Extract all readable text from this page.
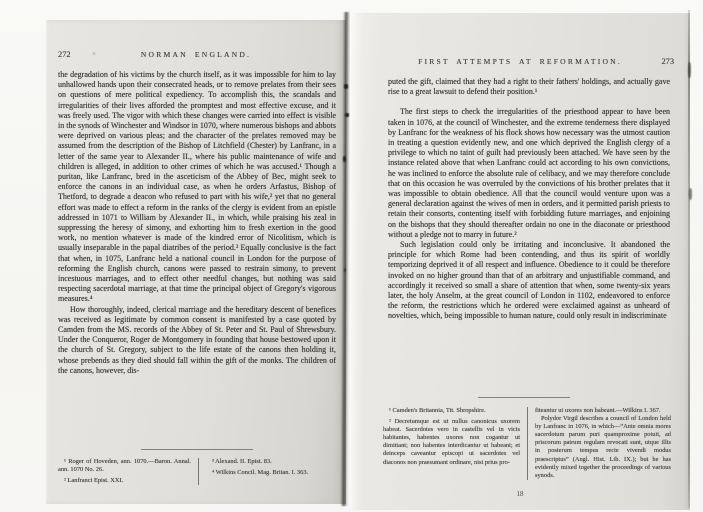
272	NORMAN ENGLAND.

the degradation of his victims by the church itself, as it was impossible for him to lay unhallowed hands upon their consecrated heads, or to remove prelates from their sees on questions of mere political expediency. To accomplish this, the scandals and irregularities of their lives afforded the promptest and most effective excuse, and it was freely used. The vigor with which these changes were carried into effect is visible in the synods of Winchester and Windsor in 1070, where numerous bishops and abbots were deprived on various pleas; and the character of the prelates removed may be assumed from the description of the Bishop of Litchfield (Chester) by Lanfranc, in a letter of the same year to Alexander II., where his public maintenance of wife and children is alleged, in addition to other crimes of which he was accused.¹ Though a puritan, like Lanfranc, bred in the asceticism of the Abbey of Bec, might seek to enforce the canons in an individual case, as when he orders Arfastus, Bishop of Thetford, to degrade a deacon who refused to part with his wife,² yet that no general effort was made to effect a reform in the ranks of the clergy is evident from an epistle addressed in 1071 to William by Alexander II., in which, while praising his zeal in suppressing the heresy of simony, and exhorting him to fresh exertion in the good work, no mention whatever is made of the kindred error of Nicolitism, which is usually inseparable in the papal diatribes of the period.³ Equally conclusive is the fact that when, in 1075, Lanfranc held a national council in London for the purpose of reforming the English church, canons were passed to restrain simony, to prevent incestuous marriages, and to effect other needful changes, but nothing was said respecting sacerdotal marriage, at that time the principal object of Gregory's vigorous measures.⁴

How thoroughly, indeed, clerical marriage and the hereditary descent of benefices was received as legitimate by common consent is manifested by a case quoted by Camden from the MS. records of the Abbey of St. Peter and St. Paul of Shrewsbury. Under the Conqueror, Roger de Montgomery in founding that house bestowed upon it the church of St. Gregory, subject to the life estate of the canons then holding it, whose prebends as they died should fall within the gift of the monks. The children of the canons, however, dis-

¹ Roger of Hoveden, ann. 1070.—Baron. Annal. ann. 1070 No. 26.

² Lanfranci Epist. XXI.

³ Alexand. II. Epist. 83.

⁴ Wilkins Concil. Mag. Britan. I. 363.

FIRST ATTEMPTS AT REFORMATION.	273

puted the gift, claimed that they had a right to their fathers' holdings, and actually gave rise to a great lawsuit to defend their position.¹

The first steps to check the irregularities of the priesthood appear to have been taken in 1076, at the council of Winchester, and the extreme tenderness there displayed by Lanfranc for the weakness of his flock shows how necessary was the utmost caution in treating a question evidently new, and one which deprived the English clergy of a privilege to which no taint of guilt had previously been attached. We have seen by the instance related above that when Lanfranc could act according to his own convictions, he was inclined to enforce the absolute rule of celibacy, and we may therefore conclude that on this occasion he was overruled by the convictions of his brother prelates that it was impossible to obtain obedience. All that the council would venture upon was a general declaration against the wives of men in orders, and it permitted parish priests to retain their consorts, contenting itself with forbidding future marriages, and enjoining on the bishops that they should thereafter ordain no one in the diaconate or priesthood without a pledge not to marry in future.²

Such legislation could only be irritating and inconclusive. It abandoned the principle for which Rome had been contending, and thus its spirit of worldly temporizing deprived it of all respect and influence. Obedience to it could be therefore invoked on no higher ground than that of an arbitrary and unjustifiable command, and accordingly it received so small a share of attention that when, some twenty-six years later, the holy Anselm, at the great council of London in 1102, endeavored to enforce the reform, the restrictions which he ordered were exclaimed against as unheard of novelties, which, being impossible to human nature, could only result in indiscriminate

¹ Camden's Britannia, Tit. Shropshire.

² Decretumque est ut nullus canonicus uxorem habeat. Sacerdotes vero in castellis vel in vicis habitantes, habentes uxores non cogantur ut dimittant; non habentes interdicantur ut habeant; et deinceps caveantur episcopi ut sacerdotes vel diaconos non praesumant ordinare, nisi prius pro-

fiteantur ut uxores non habeant.—Wilkins I. 367.

Polydor Virgil describes a council of London held by Lanfranc in 1076, in which—“Ante omnia mores sacerdotum parum puri quamproxime potuit, ad priscorum patrum regulam revocati sunt, utque illis in posterum tempus recte vivendi modus praescriptus” (Angl. Hist. Lib. IX.); but he has evidently mixed together the proceedings of various synods.

18
×
